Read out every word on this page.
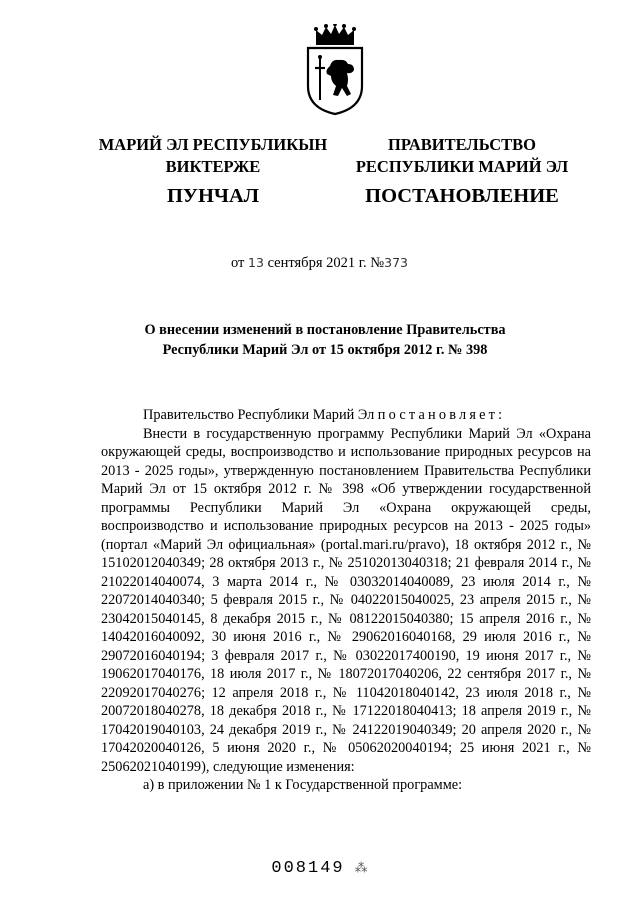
МАРИЙ ЭЛ РЕСПУБЛИКЫН
ВИКТЕРЖЕ
ПУНЧАЛ
ПРАВИТЕЛЬСТВО
РЕСПУБЛИКИ МАРИЙ ЭЛ
ПОСТАНОВЛЕНИЕ
от 13 сентября 2021 г. №373
О внесении изменений в постановление Правительства
Республики Марий Эл от 15 октября 2012 г. № 398

Правительство Республики Марий Эл постановляет:

Внести в государственную программу Республики Марий Эл «Охрана окружающей среды, воспроизводство и использование природных ресурсов на 2013 - 2025 годы», утвержденную постановлением Правительства Республики Марий Эл от 15 октября 2012 г. № 398 «Об утверждении государственной программы Республики Марий Эл «Охрана окружающей среды, воспроизводство и использование природных ресурсов на 2013 - 2025 годы» (портал «Марий Эл официальная» (portal.mari.ru/pravo), 18 октября 2012 г., № 15102012040349; 28 октября 2013 г., № 25102013040318; 21 февраля 2014 г., № 21022014040074, 3 марта 2014 г., № 03032014040089, 23 июля 2014 г., № 22072014040340; 5 февраля 2015 г., № 04022015040025, 23 апреля 2015 г., № 23042015040145, 8 декабря 2015 г., № 08122015040380; 15 апреля 2016 г., № 14042016040092, 30 июня 2016 г., № 29062016040168, 29 июля 2016 г., № 29072016040194; 3 февраля 2017 г., № 03022017400190, 19 июня 2017 г., № 19062017040176, 18 июля 2017 г., № 18072017040206, 22 сентября 2017 г., № 22092017040276; 12 апреля 2018 г., № 11042018040142, 23 июля 2018 г., № 20072018040278, 18 декабря 2018 г., № 17122018040413; 18 апреля 2019 г., № 17042019040103, 24 декабря 2019 г., № 24122019040349; 20 апреля 2020 г., № 17042020040126, 5 июня 2020 г., № 05062020040194; 25 июня 2021 г., № 25062021040199), следующие изменения:

а) в приложении № 1 к Государственной программе:

008149 ⁂
